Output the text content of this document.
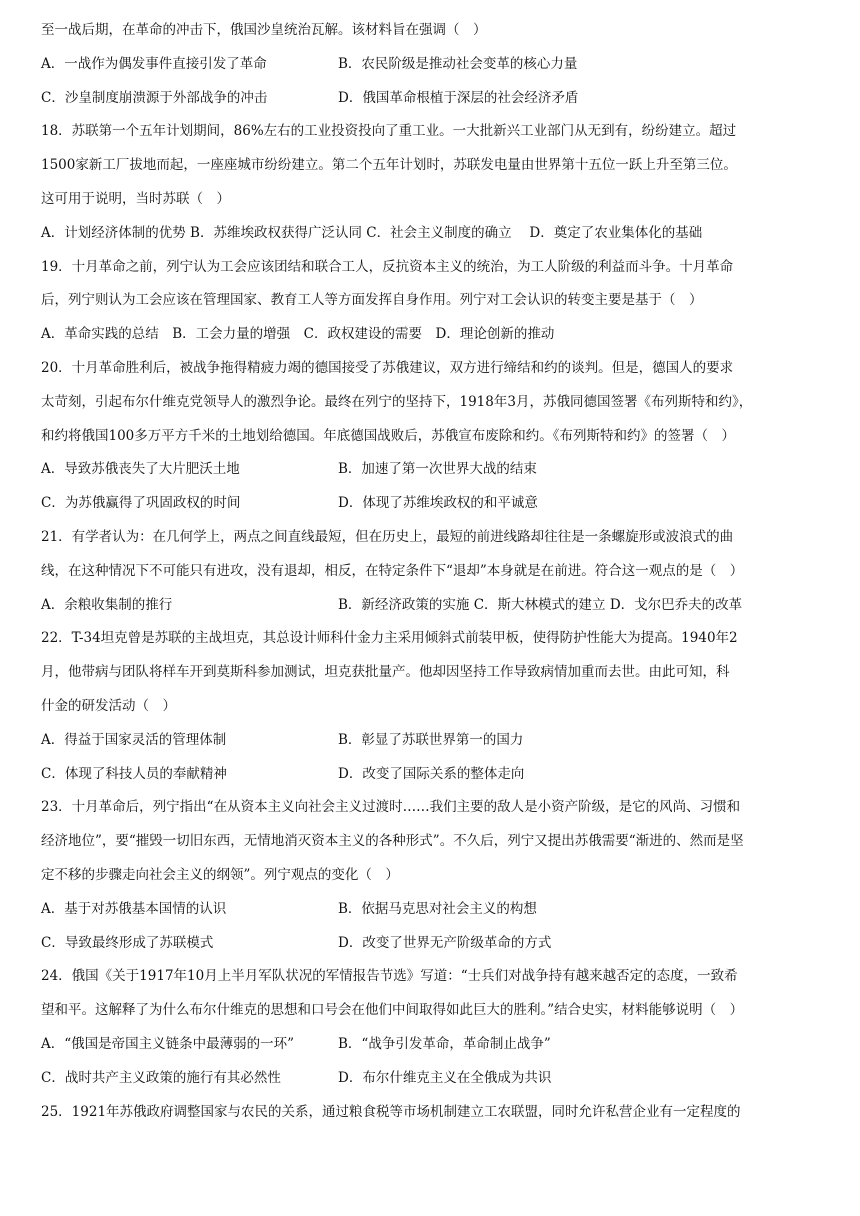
至一战后期，在革命的冲击下，俄国沙皇统治瓦解。该材料旨在强调（　）
A．一战作为偶发事件直接引发了革命	B．农民阶级是推动社会变革的核心力量
C．沙皇制度崩溃源于外部战争的冲击	D．俄国革命根植于深层的社会经济矛盾
18．苏联第一个五年计划期间，86%左右的工业投资投向了重工业。一大批新兴工业部门从无到有，纷纷建立。超过
1500家新工厂拔地而起，一座座城市纷纷建立。第二个五年计划时，苏联发电量由世界第十五位一跃上升至第三位。
这可用于说明，当时苏联（　）
A．计划经济体制的优势 B．苏维埃政权获得广泛认同 C．社会主义制度的确立　 D．奠定了农业集体化的基础
19．十月革命之前，列宁认为工会应该团结和联合工人，反抗资本主义的统治，为工人阶级的利益而斗争。十月革命
后，列宁则认为工会应该在管理国家、教育工人等方面发挥自身作用。列宁对工会认识的转变主要是基于（　）
A．革命实践的总结　B．工会力量的增强　C．政权建设的需要　D．理论创新的推动
20．十月革命胜利后，被战争拖得精疲力竭的德国接受了苏俄建议，双方进行缔结和约的谈判。但是，德国人的要求
太苛刻，引起布尔什维克党领导人的激烈争论。最终在列宁的坚持下，1918年3月，苏俄同德国签署《布列斯特和约》，
和约将俄国100多万平方千米的土地划给德国。年底德国战败后，苏俄宣布废除和约。《布列斯特和约》的签署（　）
A．导致苏俄丧失了大片肥沃土地	B．加速了第一次世界大战的结束
C．为苏俄赢得了巩固政权的时间	D．体现了苏维埃政权的和平诚意
21．有学者认为：在几何学上，两点之间直线最短，但在历史上，最短的前进线路却往往是一条螺旋形或波浪式的曲
线，在这种情况下不可能只有进攻，没有退却，相反，在特定条件下“退却”本身就是在前进。符合这一观点的是（　）
A．余粮收集制的推行	B．新经济政策的实施 C．斯大林模式的建立 D．戈尔巴乔夫的改革
22．T-34坦克曾是苏联的主战坦克，其总设计师科什金力主采用倾斜式前装甲板，使得防护性能大为提高。1940年2
月，他带病与团队将样车开到莫斯科参加测试，坦克获批量产。他却因坚持工作导致病情加重而去世。由此可知，科
什金的研发活动（　）
A．得益于国家灵活的管理体制	B．彰显了苏联世界第一的国力
C．体现了科技人员的奉献精神	D．改变了国际关系的整体走向
23．十月革命后，列宁指出“在从资本主义向社会主义过渡时……我们主要的敌人是小资产阶级，是它的风尚、习惯和
经济地位”，要“摧毁一切旧东西，无情地消灭资本主义的各种形式”。不久后，列宁又提出苏俄需要“渐进的、然而是坚
定不移的步骤走向社会主义的纲领”。列宁观点的变化（　）
A．基于对苏俄基本国情的认识	B．依据马克思对社会主义的构想
C．导致最终形成了苏联模式	D．改变了世界无产阶级革命的方式
24．俄国《关于1917年10月上半月军队状况的军情报告节选》写道：“士兵们对战争持有越来越否定的态度，一致希
望和平。这解释了为什么布尔什维克的思想和口号会在他们中间取得如此巨大的胜利。”结合史实，材料能够说明（　）
A．“俄国是帝国主义链条中最薄弱的一环”	B．“战争引发革命，革命制止战争”
C．战时共产主义政策的施行有其必然性	D．布尔什维克主义在全俄成为共识
25．1921年苏俄政府调整国家与农民的关系，通过粮食税等市场机制建立工农联盟，同时允许私营企业有一定程度的
